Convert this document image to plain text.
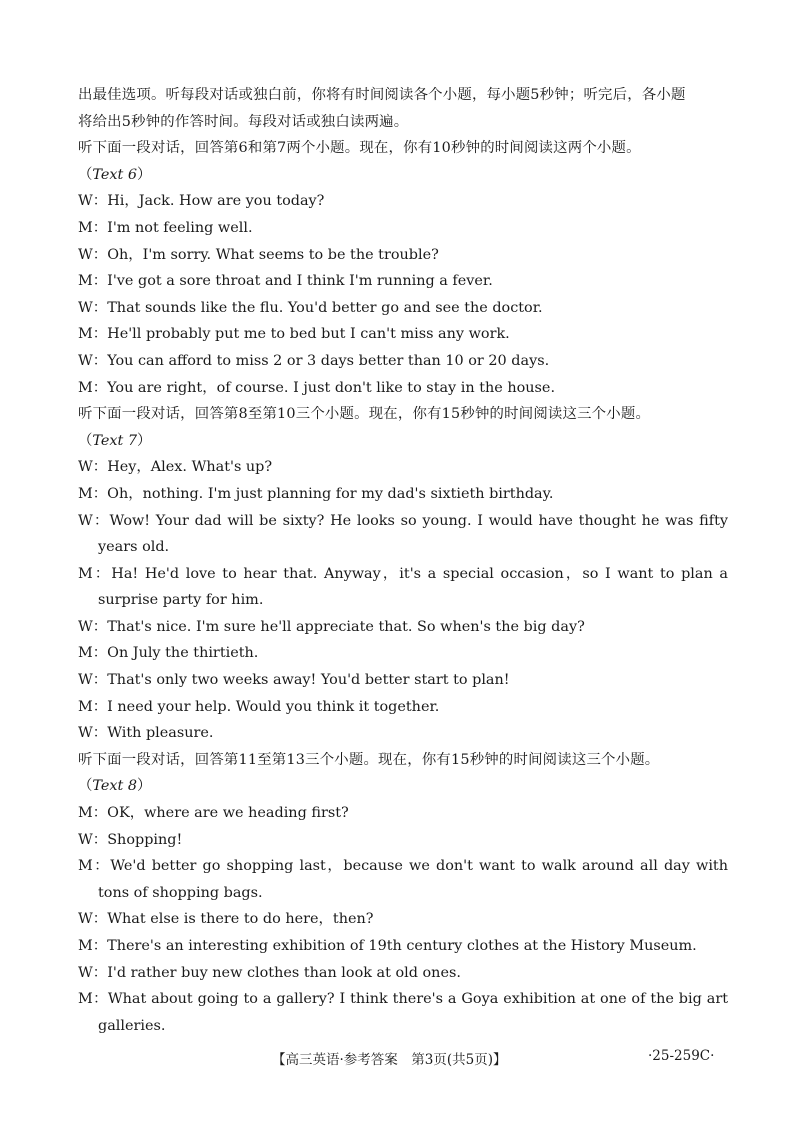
出最佳选项。听每段对话或独白前，你将有时间阅读各个小题，每小题5秒钟；听完后，各小题

将给出5秒钟的作答时间。每段对话或独白读两遍。

听下面一段对话，回答第6和第7两个小题。现在，你有10秒钟的时间阅读这两个小题。

（Text 6）

W：Hi，Jack. How are you today?

M：I'm not feeling well.

W：Oh，I'm sorry. What seems to be the trouble?

M：I've got a sore throat and I think I'm running a fever.

W：That sounds like the flu. You'd better go and see the doctor.

M：He'll probably put me to bed but I can't miss any work.

W：You can afford to miss 2 or 3 days better than 10 or 20 days.

M：You are right，of course. I just don't like to stay in the house.

听下面一段对话，回答第8至第10三个小题。现在，你有15秒钟的时间阅读这三个小题。

（Text 7）

W：Hey，Alex. What's up?

M：Oh，nothing. I'm just planning for my dad's sixtieth birthday.

W：Wow! Your dad will be sixty? He looks so young. I would have thought he was fifty years old.

M：Ha! He'd love to hear that. Anyway，it's a special occasion，so I want to plan a surprise party for him.

W：That's nice. I'm sure he'll appreciate that. So when's the big day?

M：On July the thirtieth.

W：That's only two weeks away! You'd better start to plan!

M：I need your help. Would you think it together.

W：With pleasure.

听下面一段对话，回答第11至第13三个小题。现在，你有15秒钟的时间阅读这三个小题。

（Text 8）

M：OK，where are we heading first?

W：Shopping!

M：We'd better go shopping last，because we don't want to walk around all day with tons of shopping bags.

W：What else is there to do here，then?

M：There's an interesting exhibition of 19th century clothes at the History Museum.

W：I'd rather buy new clothes than look at old ones.

M：What about going to a gallery? I think there's a Goya exhibition at one of the big art galleries.

【高三英语·参考答案　第3页(共5页)】	·25-259C·
